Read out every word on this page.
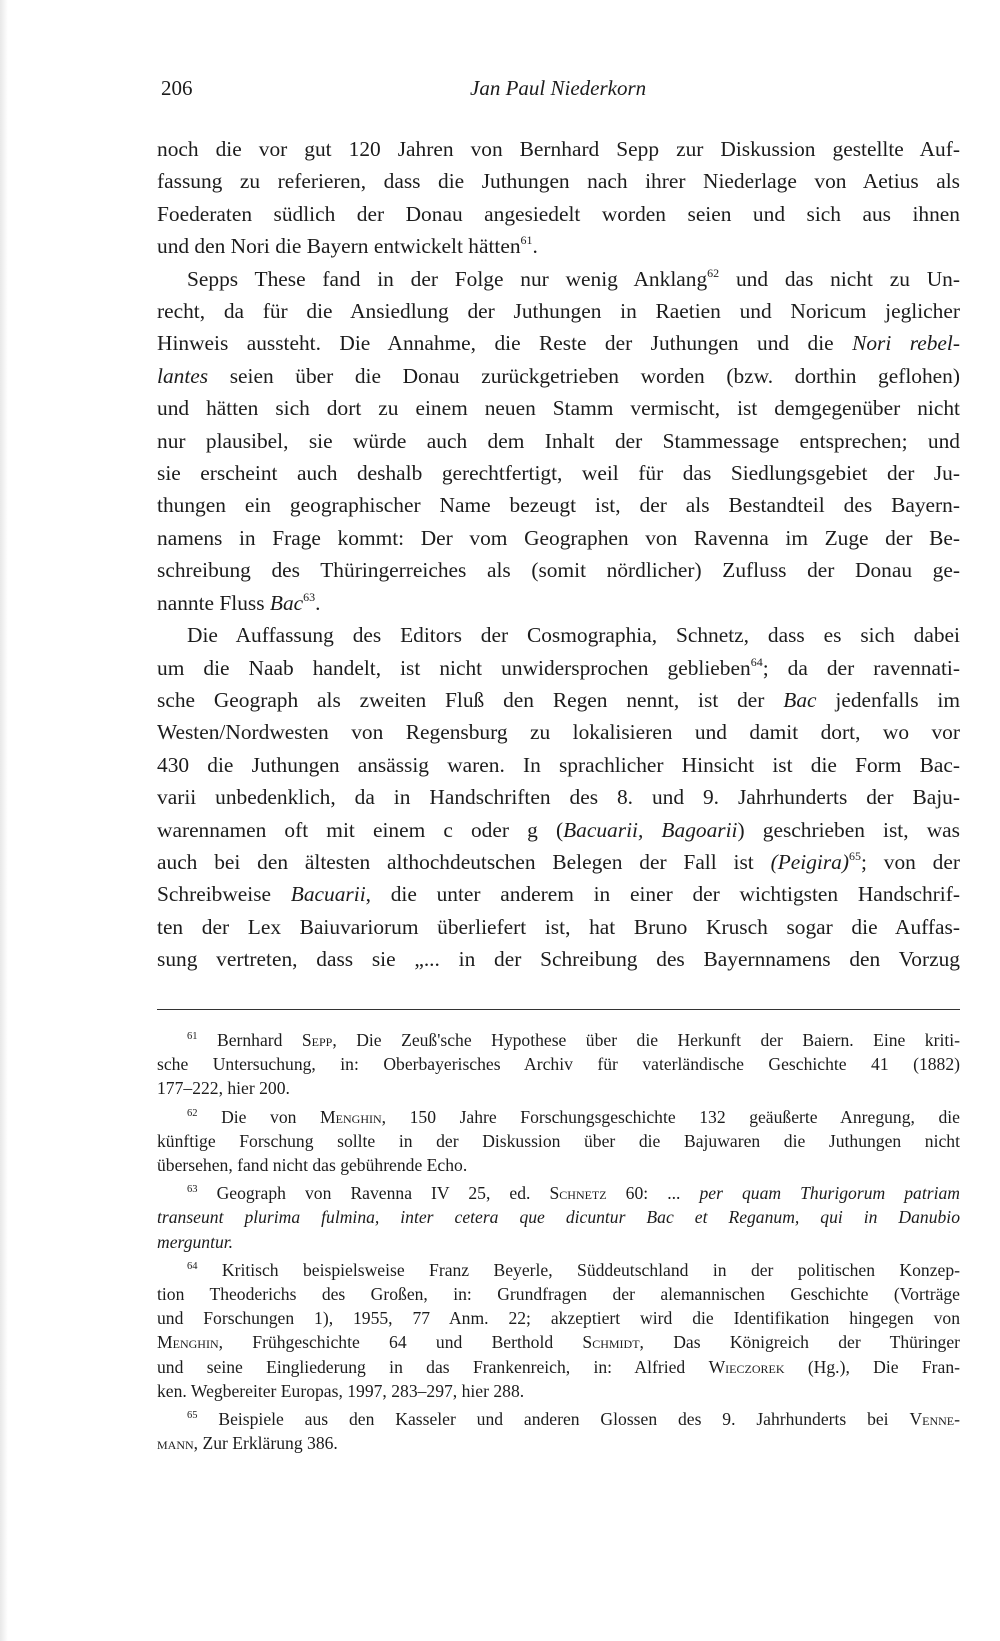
206	Jan Paul Niederkorn

noch die vor gut 120 Jahren von Bernhard Sepp zur Diskussion gestellte Auf-
fassung zu referieren, dass die Juthungen nach ihrer Niederlage von Aetius als
Foederaten südlich der Donau angesiedelt worden seien und sich aus ihnen
und den Nori die Bayern entwickelt hätten$^{61}$.

Sepps These fand in der Folge nur wenig Anklang$^{62}$ und das nicht zu Un-
recht, da für die Ansiedlung der Juthungen in Raetien und Noricum jeglicher
Hinweis aussteht. Die Annahme, die Reste der Juthungen und die Nori rebel-
lantes seien über die Donau zurückgetrieben worden (bzw. dorthin geflohen)
und hätten sich dort zu einem neuen Stamm vermischt, ist demgegenüber nicht
nur plausibel, sie würde auch dem Inhalt der Stammessage entsprechen; und
sie erscheint auch deshalb gerechtfertigt, weil für das Siedlungsgebiet der Ju-
thungen ein geographischer Name bezeugt ist, der als Bestandteil des Bayern-
namens in Frage kommt: Der vom Geographen von Ravenna im Zuge der Be-
schreibung des Thüringerreiches als (somit nördlicher) Zufluss der Donau ge-
nannte Fluss Bac$^{63}$.

Die Auffassung des Editors der Cosmographia, Schnetz, dass es sich dabei
um die Naab handelt, ist nicht unwidersprochen geblieben$^{64}$; da der ravennati-
sche Geograph als zweiten Fluß den Regen nennt, ist der Bac jedenfalls im
Westen/Nordwesten von Regensburg zu lokalisieren und damit dort, wo vor
430 die Juthungen ansässig waren. In sprachlicher Hinsicht ist die Form Bac-
varii unbedenklich, da in Handschriften des 8. und 9. Jahrhunderts der Baju-
warennamen oft mit einem c oder g (Bacuarii, Bagoarii) geschrieben ist, was
auch bei den ältesten althochdeutschen Belegen der Fall ist (Peigira)$^{65}$; von der
Schreibweise Bacuarii, die unter anderem in einer der wichtigsten Handschrif-
ten der Lex Baiuvariorum überliefert ist, hat Bruno Krusch sogar die Auffas-
sung vertreten, dass sie „... in der Schreibung des Bayernnamens den Vorzug

$^{61}$ Bernhard Sepp, Die Zeuß'sche Hypothese über die Herkunft der Baiern. Eine kriti-
sche Untersuchung, in: Oberbayerisches Archiv für vaterländische Geschichte 41 (1882)
177–222, hier 200.
$^{62}$ Die von Menghin, 150 Jahre Forschungsgeschichte 132 geäußerte Anregung, die
künftige Forschung sollte in der Diskussion über die Bajuwaren die Juthungen nicht
übersehen, fand nicht das gebührende Echo.
$^{63}$ Geograph von Ravenna IV 25, ed. Schnetz 60: ... per quam Thurigorum patriam
transeunt plurima fulmina, inter cetera que dicuntur Bac et Reganum, qui in Danubio
merguntur.
$^{64}$ Kritisch beispielsweise Franz Beyerle, Süddeutschland in der politischen Konzep-
tion Theoderichs des Großen, in: Grundfragen der alemannischen Geschichte (Vorträge
und Forschungen 1), 1955, 77 Anm. 22; akzeptiert wird die Identifikation hingegen von
Menghin, Frühgeschichte 64 und Berthold Schmidt, Das Königreich der Thüringer
und seine Eingliederung in das Frankenreich, in: Alfried Wieczorek (Hg.), Die Fran-
ken. Wegbereiter Europas, 1997, 283–297, hier 288.
$^{65}$ Beispiele aus den Kasseler und anderen Glossen des 9. Jahrhunderts bei Venne-
mann, Zur Erklärung 386.
